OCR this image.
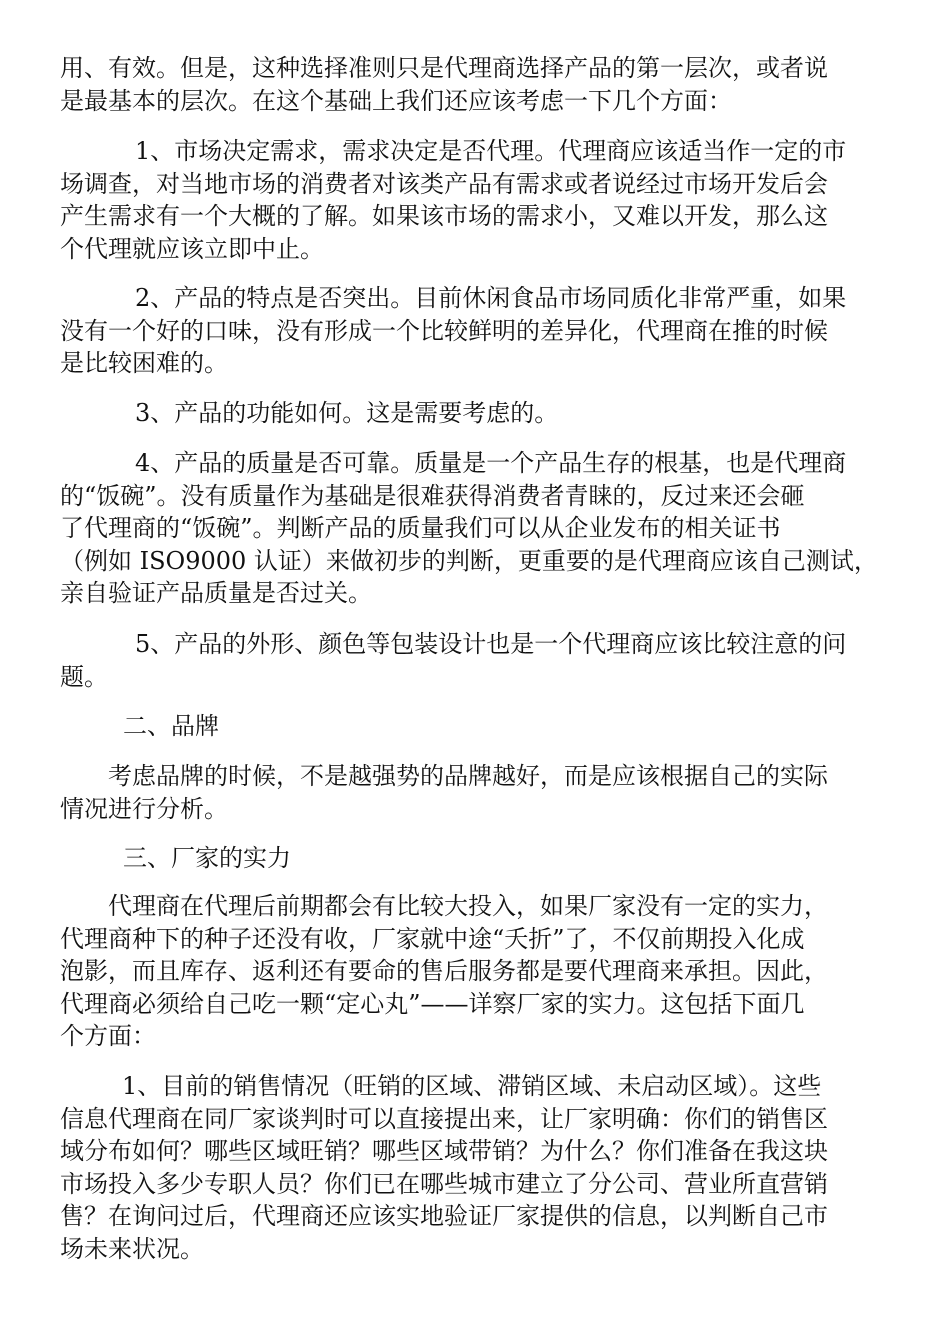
用、有效。但是，这种选择准则只是代理商选择产品的第一层次，或者说
是最基本的层次。在这个基础上我们还应该考虑一下几个方面：

1、市场决定需求，需求决定是否代理。代理商应该适当作一定的市
场调查，对当地市场的消费者对该类产品有需求或者说经过市场开发后会
产生需求有一个大概的了解。如果该市场的需求小，又难以开发，那么这
个代理就应该立即中止。

2、产品的特点是否突出。目前休闲食品市场同质化非常严重，如果
没有一个好的口味，没有形成一个比较鲜明的差异化，代理商在推的时候
是比较困难的。

3、产品的功能如何。这是需要考虑的。

4、产品的质量是否可靠。质量是一个产品生存的根基，也是代理商
的“饭碗”。没有质量作为基础是很难获得消费者青睐的，反过来还会砸
了代理商的“饭碗”。判断产品的质量我们可以从企业发布的相关证书
（例如 ISO9000 认证）来做初步的判断，更重要的是代理商应该自己测试，
亲自验证产品质量是否过关。

5、产品的外形、颜色等包装设计也是一个代理商应该比较注意的问
题。

二、品牌

考虑品牌的时候，不是越强势的品牌越好，而是应该根据自己的实际
情况进行分析。

三、厂家的实力

代理商在代理后前期都会有比较大投入，如果厂家没有一定的实力，
代理商种下的种子还没有收，厂家就中途“夭折”了，不仅前期投入化成
泡影，而且库存、返利还有要命的售后服务都是要代理商来承担。因此，
代理商必须给自己吃一颗“定心丸”——详察厂家的实力。这包括下面几
个方面：

1、目前的销售情况（旺销的区域、滞销区域、未启动区域）。这些
信息代理商在同厂家谈判时可以直接提出来，让厂家明确：你们的销售区
域分布如何？哪些区域旺销？哪些区域带销？为什么？你们准备在我这块
市场投入多少专职人员？你们已在哪些城市建立了分公司、营业所直营销
售？在询问过后，代理商还应该实地验证厂家提供的信息，以判断自己市
场未来状况。
